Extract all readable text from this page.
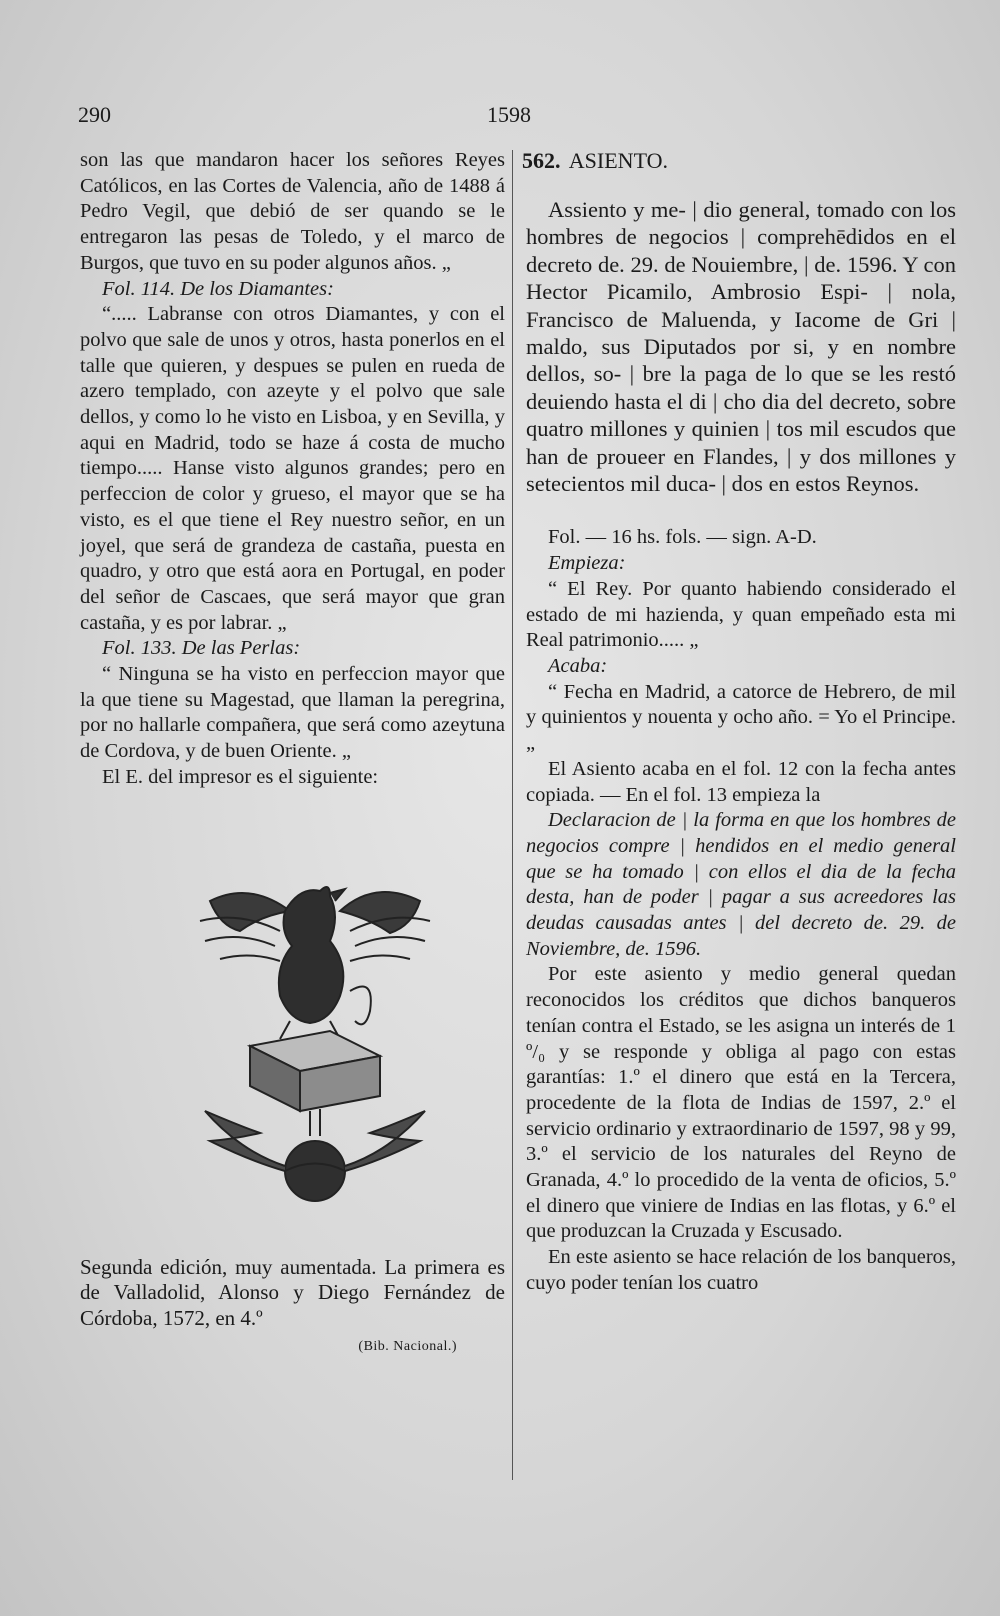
290	1598

son las que mandaron hacer los señores Reyes Católicos, en las Cortes de Valencia, año de 1488 á Pedro Vegil, que debió de ser quando se le entregaron las pesas de Toledo, y el marco de Burgos, que tuvo en su poder algunos años. „

Fol. 114. De los Diamantes:

“..... Labranse con otros Diamantes, y con el polvo que sale de unos y otros, hasta ponerlos en el talle que quieren, y despues se pulen en rueda de azero templado, con azeyte y el polvo que sale dellos, y como lo he visto en Lisboa, y en Sevilla, y aqui en Madrid, todo se haze á costa de mucho tiempo..... Hanse visto algunos grandes; pero en perfeccion de color y grueso, el mayor que se ha visto, es el que tiene el Rey nuestro señor, en un joyel, que será de grandeza de castaña, puesta en quadro, y otro que está aora en Portugal, en poder del señor de Cascaes, que será mayor que gran castaña, y es por labrar. „

Fol. 133. De las Perlas:

“ Ninguna se ha visto en perfeccion mayor que la que tiene su Magestad, que llaman la peregrina, por no hallarle compañera, que será como azeytuna de Cordova, y de buen Oriente. „

El E. del impresor es el siguiente:

Segunda edición, muy aumentada. La primera es de Valladolid, Alonso y Diego Fernández de Córdoba, 1572, en 4.º

(Bib. Nacional.)
562. ASIENTO.

Assiento y me- | dio general, tomado con los hombres de negocios | comprehēdidos en el decreto de. 29. de Nouiembre, | de. 1596. Y con Hector Picamilo, Ambrosio Espi- | nola, Francisco de Maluenda, y Iacome de Gri | maldo, sus Diputados por si, y en nombre dellos, so- | bre la paga de lo que se les restó deuiendo hasta el di | cho dia del decreto, sobre quatro millones y quinien | tos mil escudos que han de proueer en Flandes, | y dos millones y setecientos mil duca- | dos en estos Reynos.

Fol. — 16 hs. fols. — sign. A-D.

Empieza:

“ El Rey. Por quanto habiendo considerado el estado de mi hazienda, y quan empeñado esta mi Real patrimonio..... „

Acaba:

“ Fecha en Madrid, a catorce de Hebrero, de mil y quinientos y nouenta y ocho año. = Yo el Principe. „

El Asiento acaba en el fol. 12 con la fecha antes copiada. — En el fol. 13 empieza la

Declaracion de | la forma en que los hombres de negocios compre | hendidos en el medio general que se ha tomado | con ellos el dia de la fecha desta, han de poder | pagar a sus acreedores las deudas causadas antes | del decreto de. 29. de Noviembre, de. 1596.

Por este asiento y medio general quedan reconocidos los créditos que dichos banqueros tenían contra el Estado, se les asigna un interés de 1 º/₀ y se responde y obliga al pago con estas garantías: 1.º el dinero que está en la Tercera, procedente de la flota de Indias de 1597, 2.º el servicio ordinario y extraordinario de 1597, 98 y 99, 3.º el servicio de los naturales del Reyno de Granada, 4.º lo procedido de la venta de oficios, 5.º el dinero que viniere de Indias en las flotas, y 6.º el que produzcan la Cruzada y Escusado.

En este asiento se hace relación de los banqueros, cuyo poder tenían los cuatro
